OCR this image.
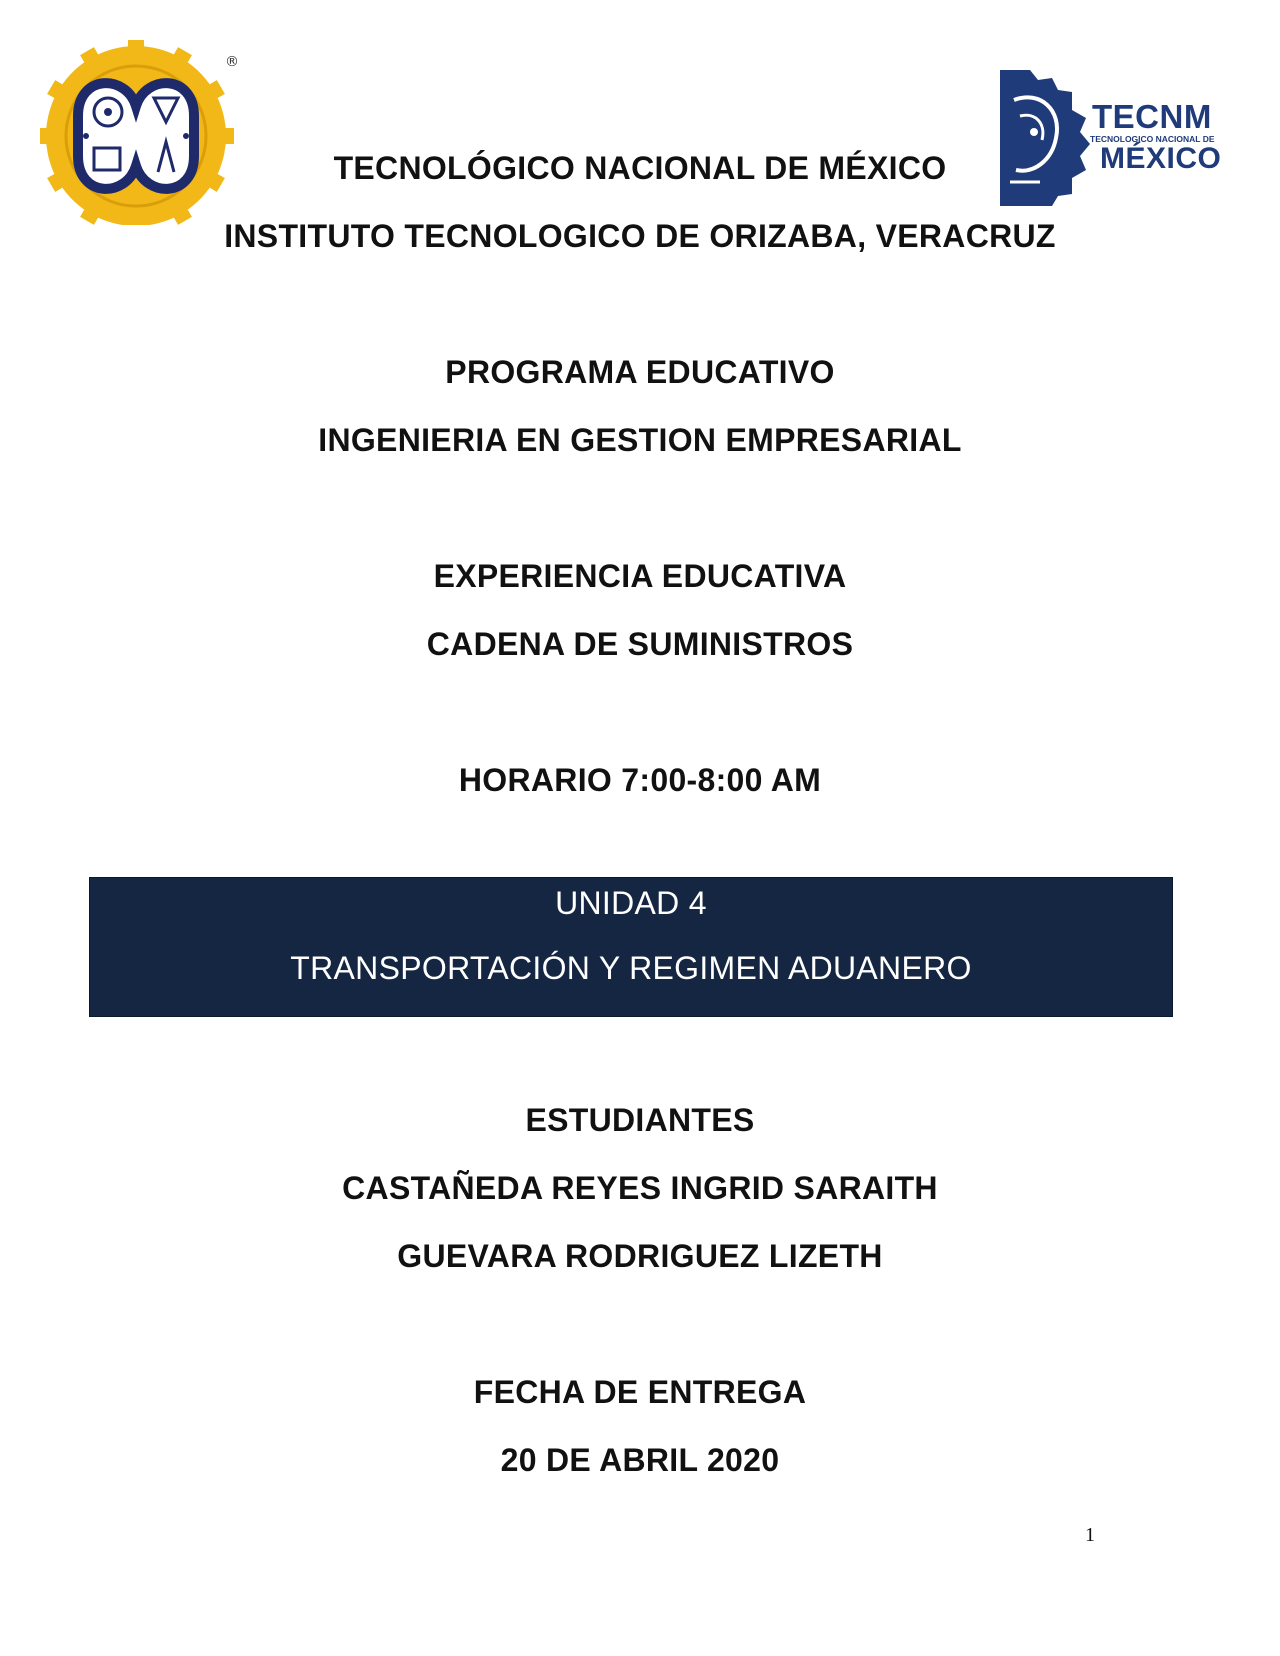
®
TECNM
TECNOLOGICO NACIONAL DE
MÉXICO
TECNOLÓGICO NACIONAL DE MÉXICO
INSTITUTO TECNOLOGICO DE ORIZABA, VERACRUZ
PROGRAMA EDUCATIVO
INGENIERIA EN GESTION EMPRESARIAL
EXPERIENCIA EDUCATIVA
CADENA DE SUMINISTROS
HORARIO 7:00-8:00 AM
UNIDAD 4
TRANSPORTACIÓN Y REGIMEN ADUANERO
ESTUDIANTES
CASTAÑEDA REYES INGRID SARAITH
GUEVARA RODRIGUEZ LIZETH
FECHA DE ENTREGA
20 DE ABRIL 2020
1
